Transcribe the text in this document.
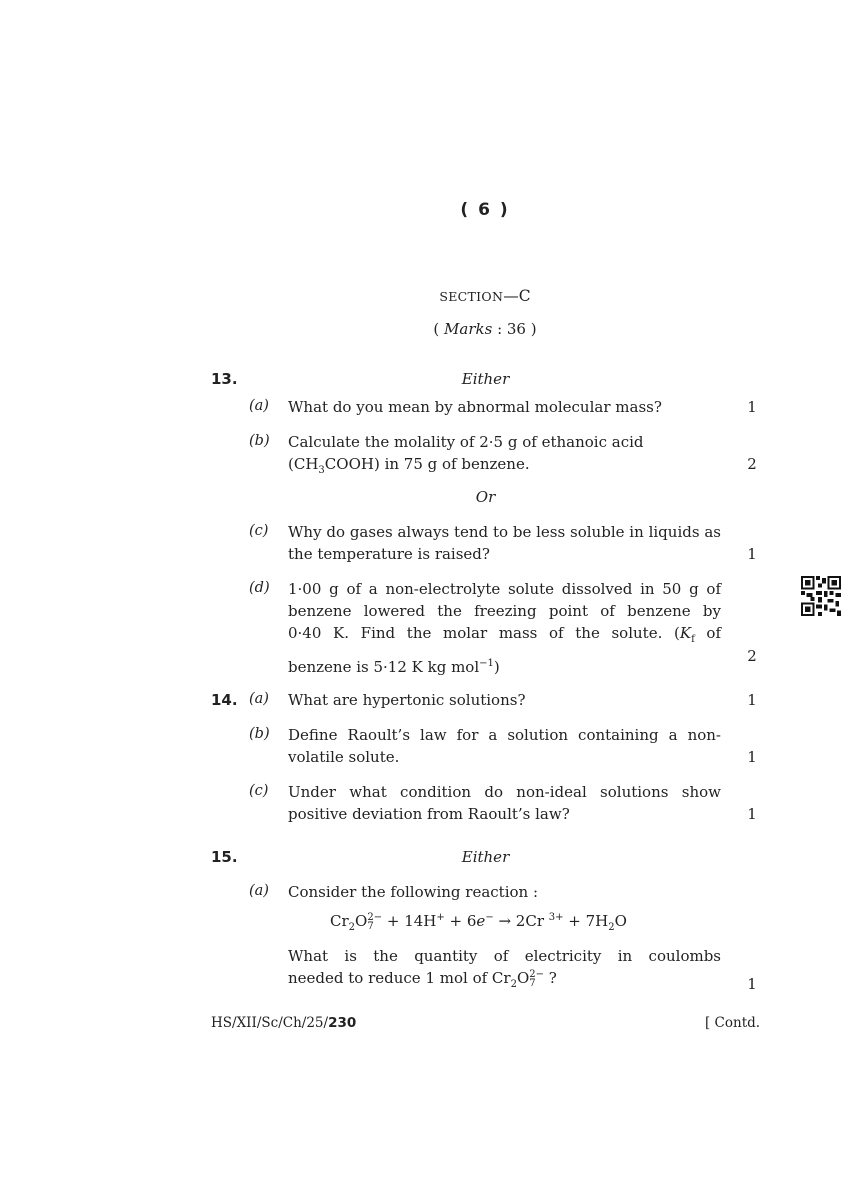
( 6 )
SECTION—C
( Marks : 36 )
13.	Either
(a) What do you mean by abnormal molecular mass?	1
(b) Calculate the molality of 2·5 g of ethanoic acid
$(CH_3COOH)$ in 75 g of benzene.	2
Or
(c) Why do gases always tend to be less soluble in liquids as the temperature is raised?	1
(d) 1·00 g of a non-electrolyte solute dissolved in 50 g of
benzene lowered the freezing point of benzene by
0·40 K. Find the molar mass of the solute. ($K_f$ of
benzene is 5·12 K kg mol$^{-1}$)
2
14. (a) What are hypertonic solutions?	1
(b) Define Raoult’s law for a solution containing a non-volatile solute.	1
(c) Under what condition do non-ideal solutions show positive deviation from Raoult’s law?	1
15.	Either
(a) Consider the following reaction :
$Cr_2O$ 2−
7 + 14H+ + 6e− → 2Cr $^{3+} + 7H_2O$
What is the quantity of electricity in coulombs
needed to reduce 1 mol of $Cr_2O$ 2−
7 ?	1
HS/XII/Sc/Ch/25/230	[ Contd.
